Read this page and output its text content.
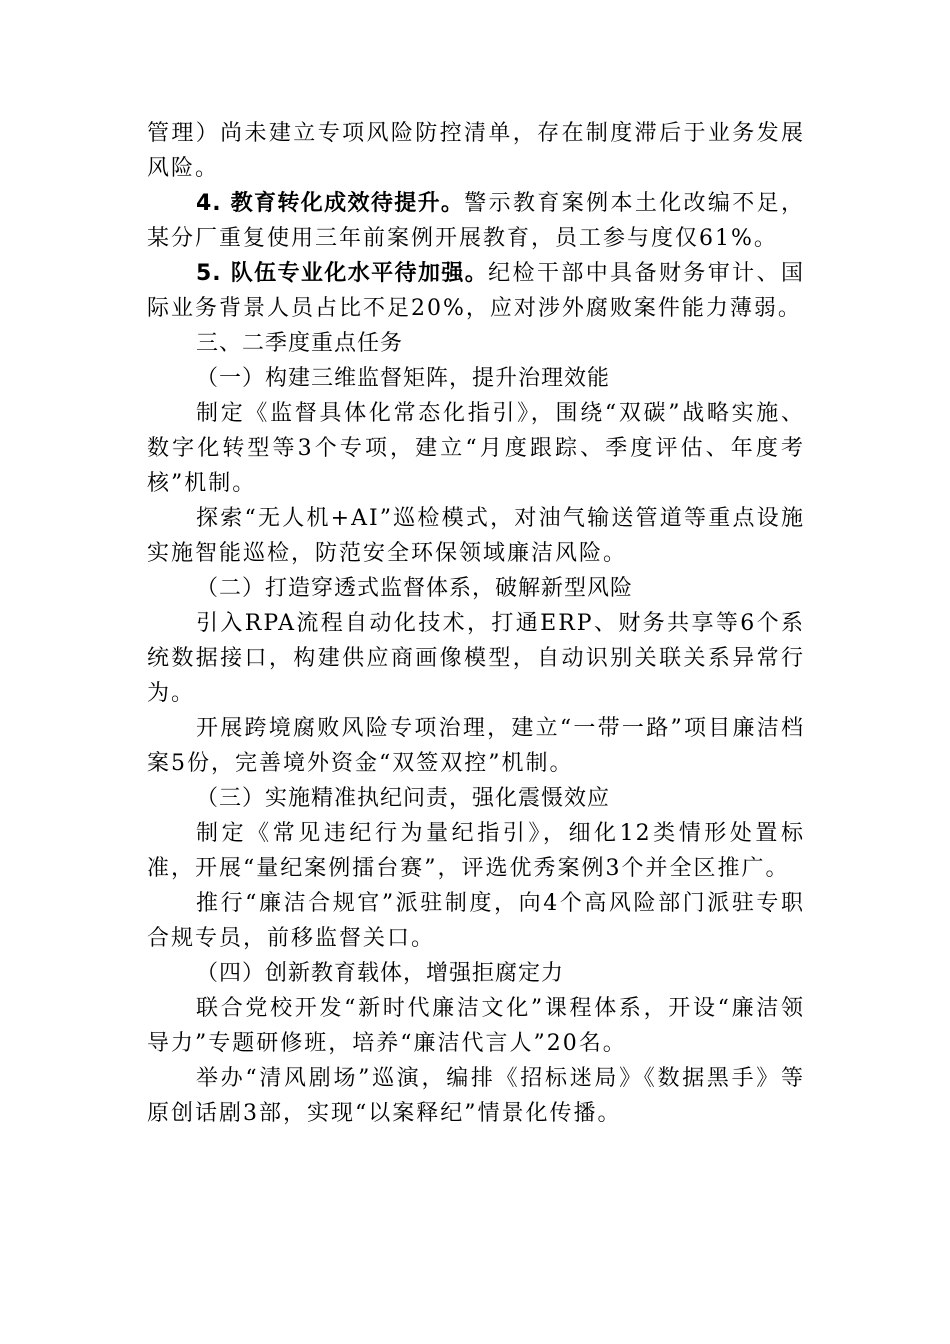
管理）尚未建立专项风险防控清单，存在制度滞后于业务发展风险。

4. 教育转化成效待提升。警示教育案例本土化改编不足，某分厂重复使用三年前案例开展教育，员工参与度仅61%。

5. 队伍专业化水平待加强。纪检干部中具备财务审计、国际业务背景人员占比不足20%，应对涉外腐败案件能力薄弱。

三、二季度重点任务

（一）构建三维监督矩阵，提升治理效能

制定《监督具体化常态化指引》，围绕“双碳”战略实施、数字化转型等3个专项，建立“月度跟踪、季度评估、年度考核”机制。

探索“无人机+AI”巡检模式，对油气输送管道等重点设施实施智能巡检，防范安全环保领域廉洁风险。

（二）打造穿透式监督体系，破解新型风险

引入RPA流程自动化技术，打通ERP、财务共享等6个系统数据接口，构建供应商画像模型，自动识别关联关系异常行为。

开展跨境腐败风险专项治理，建立“一带一路”项目廉洁档案5份，完善境外资金“双签双控”机制。

（三）实施精准执纪问责，强化震慑效应

制定《常见违纪行为量纪指引》，细化12类情形处置标准，开展“量纪案例擂台赛”，评选优秀案例3个并全区推广。

推行“廉洁合规官”派驻制度，向4个高风险部门派驻专职合规专员，前移监督关口。

（四）创新教育载体，增强拒腐定力

联合党校开发“新时代廉洁文化”课程体系，开设“廉洁领导力”专题研修班，培养“廉洁代言人”20名。

举办“清风剧场”巡演，编排《招标迷局》《数据黑手》等原创话剧3部，实现“以案释纪”情景化传播。
